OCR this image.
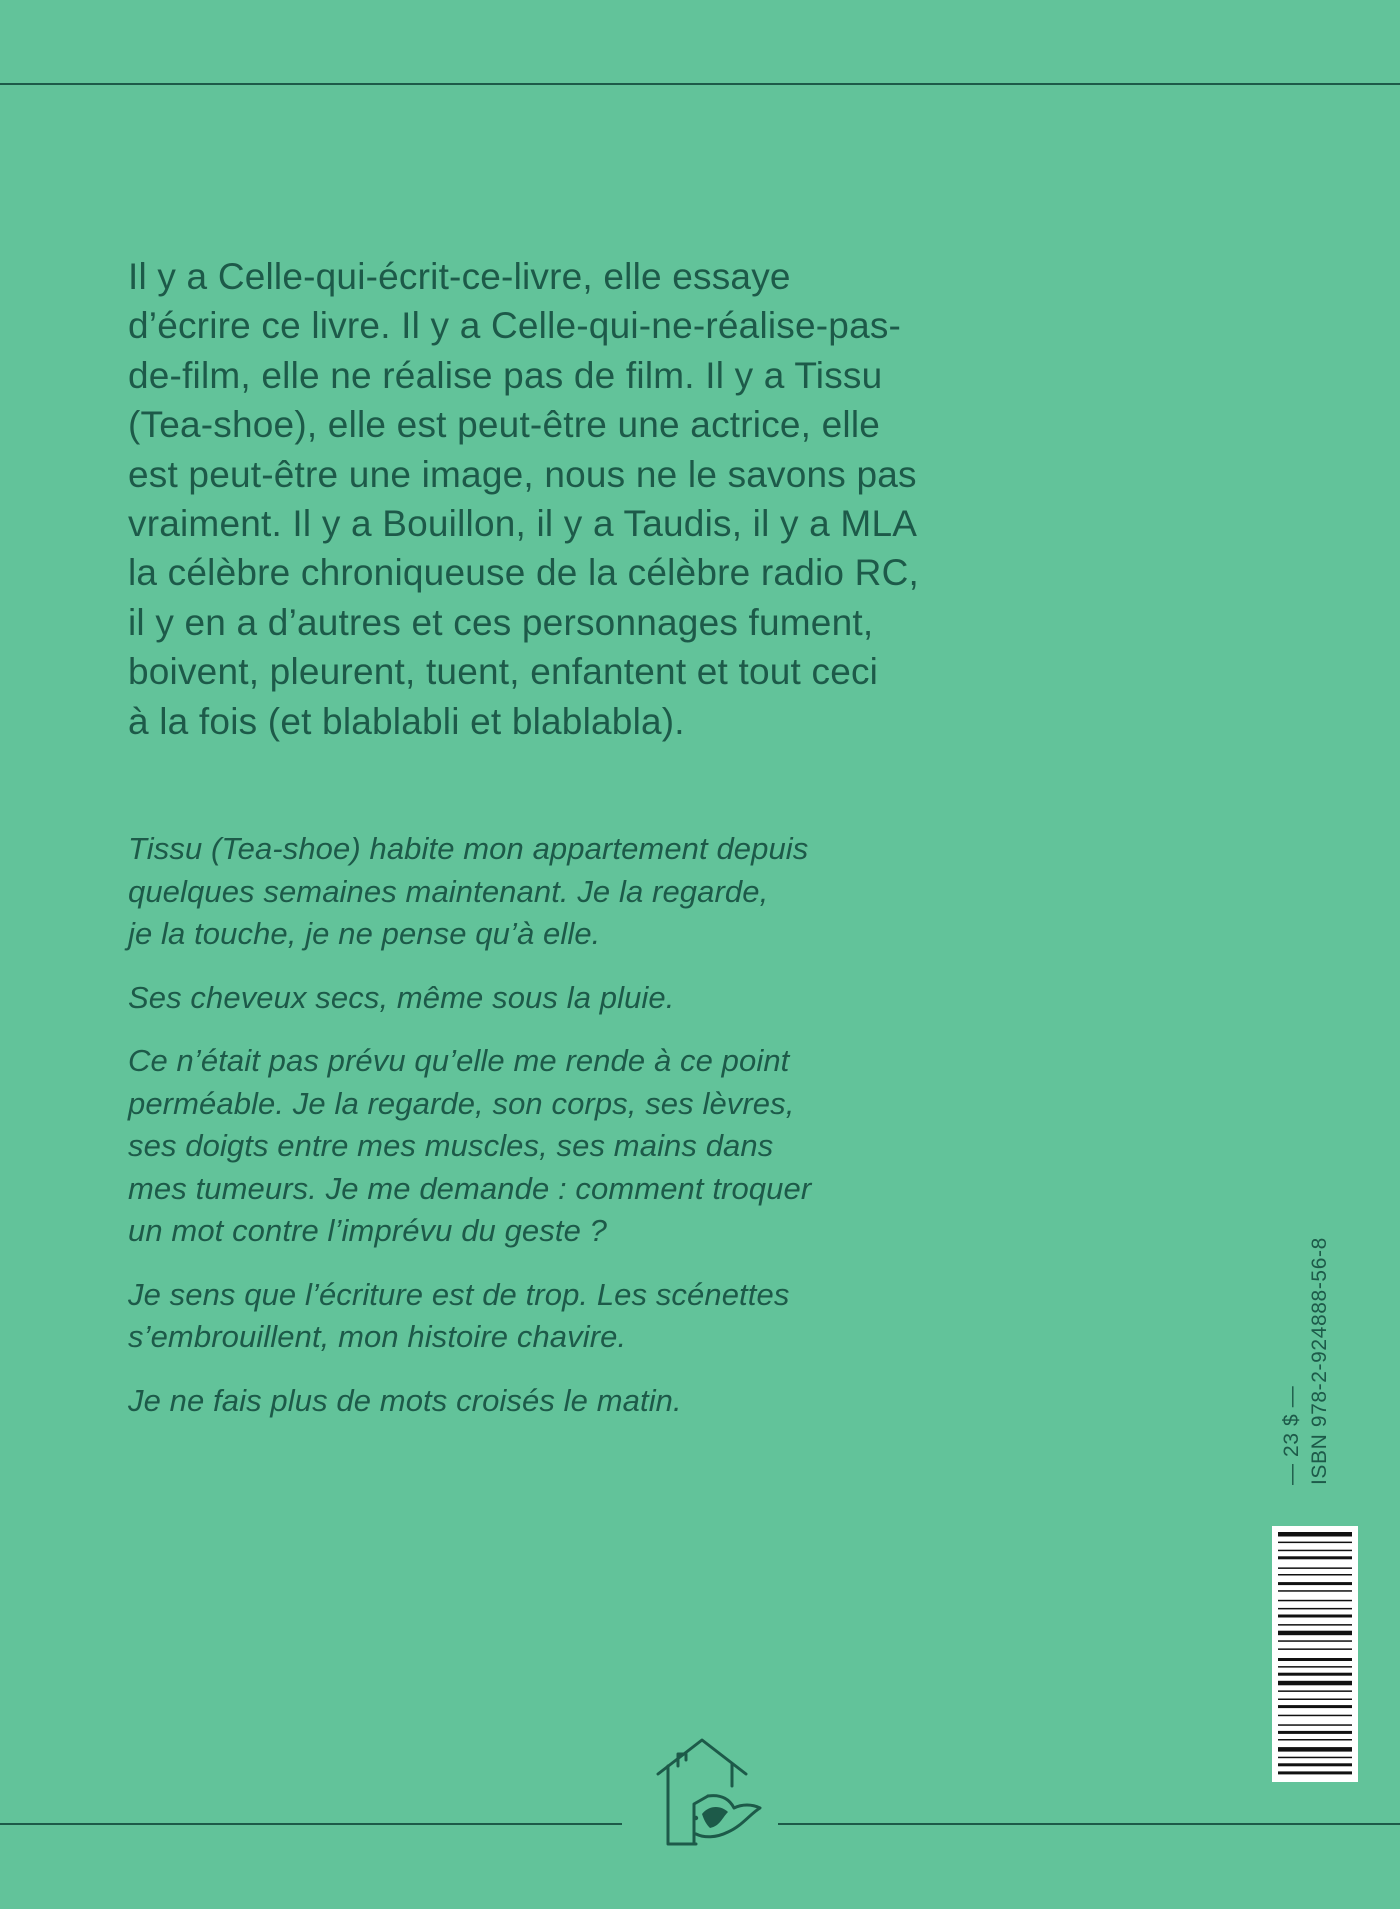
Il y a Celle-qui-écrit-ce-livre, elle essaye
d’écrire ce livre. Il y a Celle-qui-ne-réalise-pas-
de-film, elle ne réalise pas de film. Il y a Tissu
(Tea-shoe), elle est peut-être une actrice, elle
est peut-être une image, nous ne le savons pas
vraiment. Il y a Bouillon, il y a Taudis, il y a MLA
la célèbre chroniqueuse de la célèbre radio RC,
il y en a d’autres et ces personnages fument,
boivent, pleurent, tuent, enfantent et tout ceci
à la fois (et blablabli et blablabla).
Tissu (Tea-shoe) habite mon appartement depuis
quelques semaines maintenant. Je la regarde,
je la touche, je ne pense qu’à elle.
Ses cheveux secs, même sous la pluie.
Ce n’était pas prévu qu’elle me rende à ce point
perméable. Je la regarde, son corps, ses lèvres,
ses doigts entre mes muscles, ses mains dans
mes tumeurs. Je me demande : comment troquer
un mot contre l’imprévu du geste ?
Je sens que l’écriture est de trop. Les scénettes
s’embrouillent, mon histoire chavire.
Je ne fais plus de mots croisés le matin.	— 23 $ — ISBN 978-2-924888-56-8
